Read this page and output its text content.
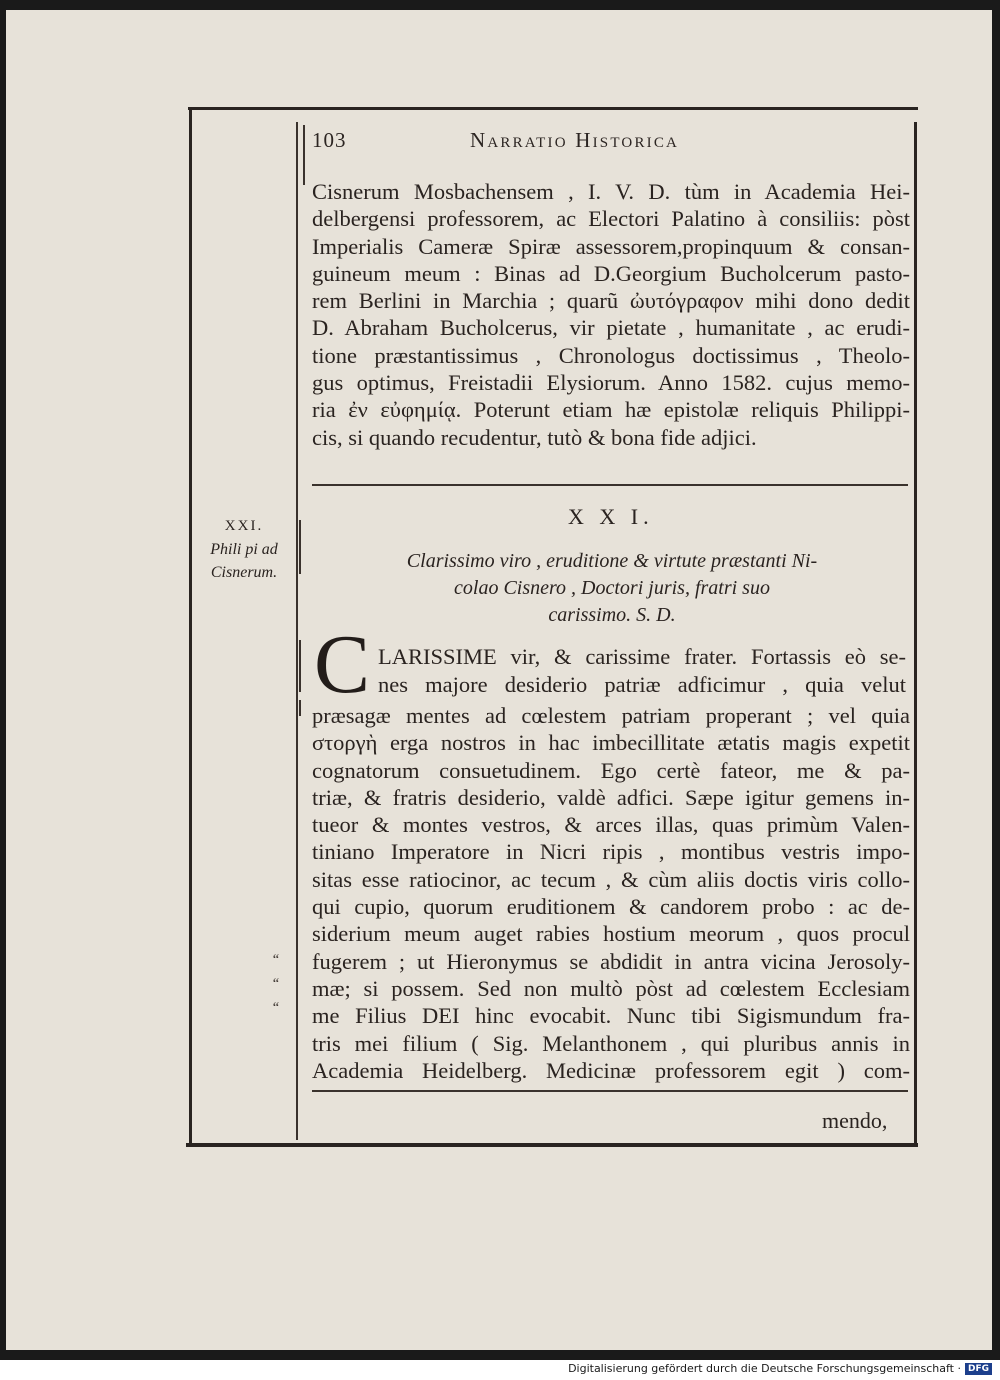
103	Narratio Historica
Cisnerum Mosbachensem , I. V. D. tùm in Academia Hei-
delbergensi professorem, ac Electori Palatino à consiliis: pòst
Imperialis Cameræ Spiræ assessorem,propinquum & consan-
guineum meum : Binas ad D.Georgium Bucholcerum pasto-
rem Berlini in Marchia ; quarũ ὠυτόγραφον mihi dono dedit
D. Abraham Bucholcerus, vir pietate , humanitate , ac erudi-
tione præstantissimus , Chronologus doctissimus , Theolo-
gus optimus, Freistadii Elysiorum. Anno 1582. cujus memo-
ria ἐν εὐφημίᾳ. Poterunt etiam hæ epistolæ reliquis Philippi-
cis, si quando recudentur, tutò & bona fide adjici.
X X I.
XXI.
Phili pi ad
Cisnerum.
Clarissimo viro , eruditione & virtute præstanti Ni-
colao Cisnero , Doctori juris, fratri suo
carissimo. S. D.
C LARISSIME vir, & carissime frater. Fortassis eò se-
nes majore desiderio patriæ adficimur , quia velut
præsagæ mentes ad cœlestem patriam properant ; vel quia
στοργὴ erga nostros in hac imbecillitate ætatis magis expetit
cognatorum consuetudinem. Ego certè fateor, me & pa-
triæ, & fratris desiderio, valdè adfici. Sæpe igitur gemens in-
tueor & montes vestros, & arces illas, quas primùm Valen-
tiniano Imperatore in Nicri ripis , montibus vestris impo-
sitas esse ratiocinor, ac tecum , & cùm aliis doctis viris collo-
qui cupio, quorum eruditionem & candorem probo : ac de-
siderium meum auget rabies hostium meorum , quos procul
fugerem ; ut Hieronymus se abdidit in antra vicina Jerosoly-
mæ; si possem. Sed non multò pòst ad cœlestem Ecclesiam
me Filius DEI hinc evocabit. Nunc tibi Sigismundum fra-
tris mei filium ( Sig. Melanthonem , qui pluribus annis in
Academia Heidelberg. Medicinæ professorem egit ) com-
‘‘
‘‘
‘‘
mendo,
Digitalisierung gefördert durch die Deutsche Forschungsgemeinschaft · DFG
